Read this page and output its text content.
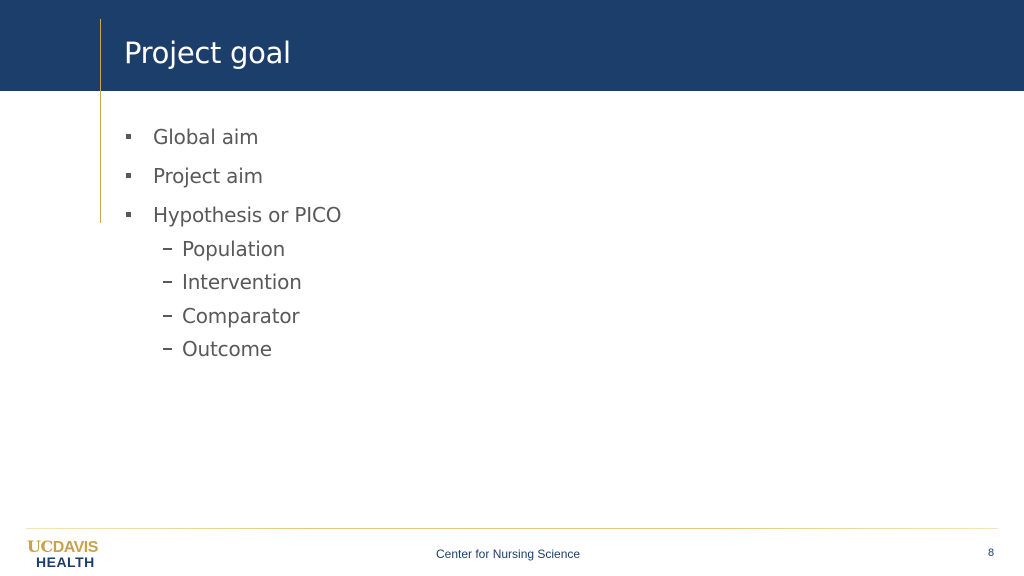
Project goal
Global aim
Project aim
Hypothesis or PICO
Population
Intervention
Comparator
Outcome
UCDAVIS
HEALTH	Center for Nursing Science	8
